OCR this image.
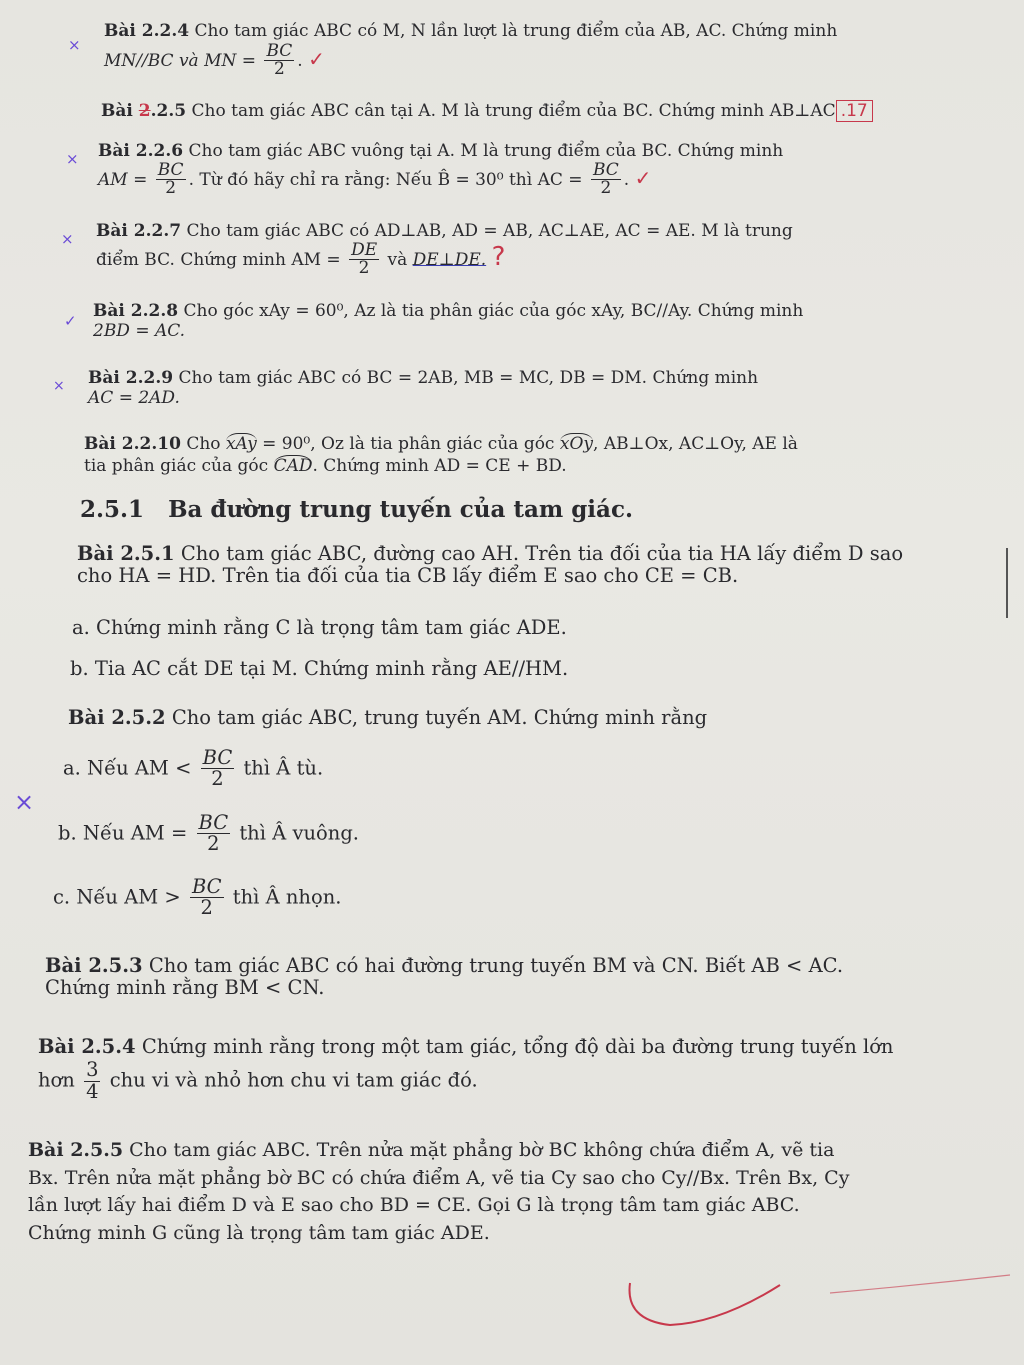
×
×
×
✓
×
×
Bài 2.2.4 Cho tam giác ABC có M, N lần lượt là trung điểm của AB, AC. Chứng minh
MN//BC và MN = $\frac{BC}{2}$ . ✓
Bài 2.2.5 Cho tam giác ABC cân tại A. M là trung điểm của BC. Chứng minh AB⊥AC .17
Bài 2.2.6 Cho tam giác ABC vuông tại A. M là trung điểm của BC. Chứng minh
AM = $\frac{BC}{2}$ . Từ đó hãy chỉ ra rằng: Nếu B̂ = 30⁰ thì AC = $\frac{BC}{2}$ . ✓
Bài 2.2.7 Cho tam giác ABC có AD⊥AB, AD = AB, AC⊥AE, AC = AE. M là trung
điểm BC. Chứng minh AM = $\frac{DE}{2}$ và DE⊥DE. ?
Bài 2.2.8 Cho góc xAy = 60⁰, Az là tia phân giác của góc xAy, BC//Ay. Chứng minh
2BD = AC.
Bài 2.2.9 Cho tam giác ABC có BC = 2AB, MB = MC, DB = DM. Chứng minh
AC = 2AD.
Bài 2.2.10 Cho xAy = 90⁰, Oz là tia phân giác của góc xOy, AB⊥Ox, AC⊥Oy, AE là
tia phân giác của góc CAD. Chứng minh AD = CE + BD.
2.5.1 Ba đường trung tuyến của tam giác.
Bài 2.5.1 Cho tam giác ABC, đường cao AH. Trên tia đối của tia HA lấy điểm D sao
cho HA = HD. Trên tia đối của tia CB lấy điểm E sao cho CE = CB.
a. Chứng minh rằng C là trọng tâm tam giác ADE.
b. Tia AC cắt DE tại M. Chứng minh rằng AE//HM.
Bài 2.5.2 Cho tam giác ABC, trung tuyến AM. Chứng minh rằng
a. Nếu AM < $\frac{BC}{2}$ thì Â tù.
b. Nếu AM = $\frac{BC}{2}$ thì Â vuông.
c. Nếu AM > $\frac{BC}{2}$ thì Â nhọn.
Bài 2.5.3 Cho tam giác ABC có hai đường trung tuyến BM và CN. Biết AB < AC.
Chứng minh rằng BM < CN.
Bài 2.5.4 Chứng minh rằng trong một tam giác, tổng độ dài ba đường trung tuyến lớn
hơn $\frac{3}{4}$ chu vi và nhỏ hơn chu vi tam giác đó.
Bài 2.5.5 Cho tam giác ABC. Trên nửa mặt phẳng bờ BC không chứa điểm A, vẽ tia
Bx. Trên nửa mặt phẳng bờ BC có chứa điểm A, vẽ tia Cy sao cho Cy//Bx. Trên Bx, Cy
lần lượt lấy hai điểm D và E sao cho BD = CE. Gọi G là trọng tâm tam giác ABC.
Chứng minh G cũng là trọng tâm tam giác ADE.
